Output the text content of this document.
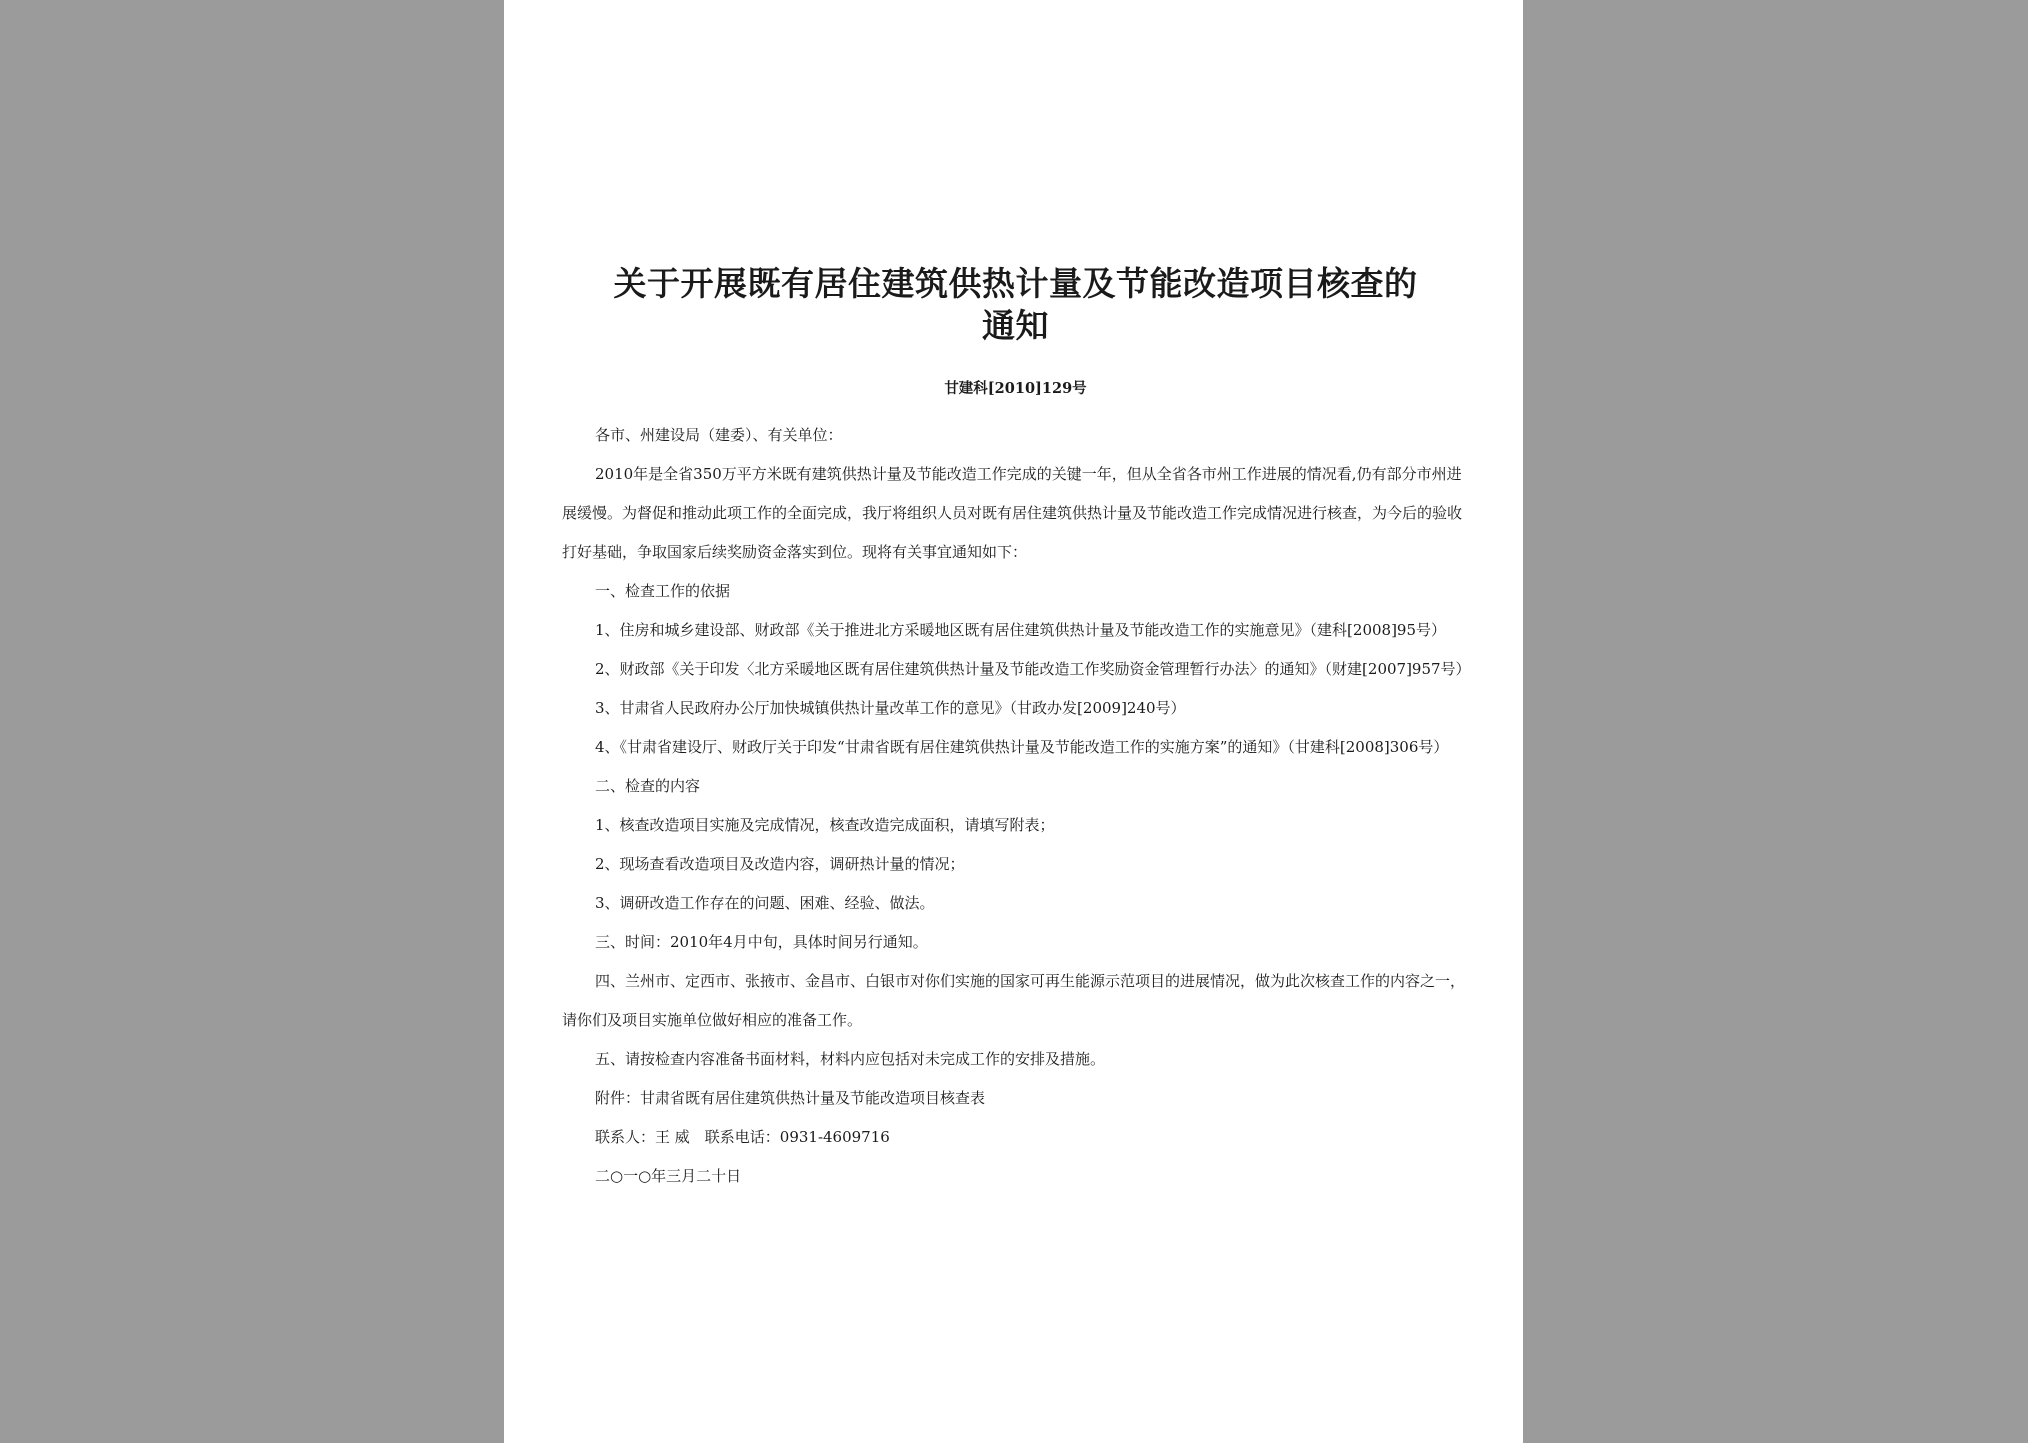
关于开展既有居住建筑供热计量及节能改造项目核查的
通知
甘建科[2010]129号

各市、州建设局（建委）、有关单位：

2010年是全省350万平方米既有建筑供热计量及节能改造工作完成的关键一年，但从全省各市州工作进展的情况看,仍有部分市州进展缓慢。为督促和推动此项工作的全面完成，我厅将组织人员对既有居住建筑供热计量及节能改造工作完成情况进行核查，为今后的验收打好基础，争取国家后续奖励资金落实到位。现将有关事宜通知如下：

一、检查工作的依据

1、住房和城乡建设部、财政部《关于推进北方采暖地区既有居住建筑供热计量及节能改造工作的实施意见》（建科[2008]95号）

2、财政部《关于印发〈北方采暖地区既有居住建筑供热计量及节能改造工作奖励资金管理暂行办法〉的通知》（财建[2007]957号）

3、甘肃省人民政府办公厅加快城镇供热计量改革工作的意见》（甘政办发[2009]240号）

4、《甘肃省建设厅、财政厅关于印发“甘肃省既有居住建筑供热计量及节能改造工作的实施方案”的通知》（甘建科[2008]306号）

二、检查的内容

1、核查改造项目实施及完成情况，核查改造完成面积，请填写附表；

2、现场查看改造项目及改造内容，调研热计量的情况；

3、调研改造工作存在的问题、困难、经验、做法。

三、时间：2010年4月中旬，具体时间另行通知。

四、兰州市、定西市、张掖市、金昌市、白银市对你们实施的国家可再生能源示范项目的进展情况，做为此次核查工作的内容之一，请你们及项目实施单位做好相应的准备工作。

五、请按检查内容准备书面材料，材料内应包括对未完成工作的安排及措施。

附件：甘肃省既有居住建筑供热计量及节能改造项目核查表

联系人：王 威　联系电话：0931-4609716

二○一○年三月二十日
